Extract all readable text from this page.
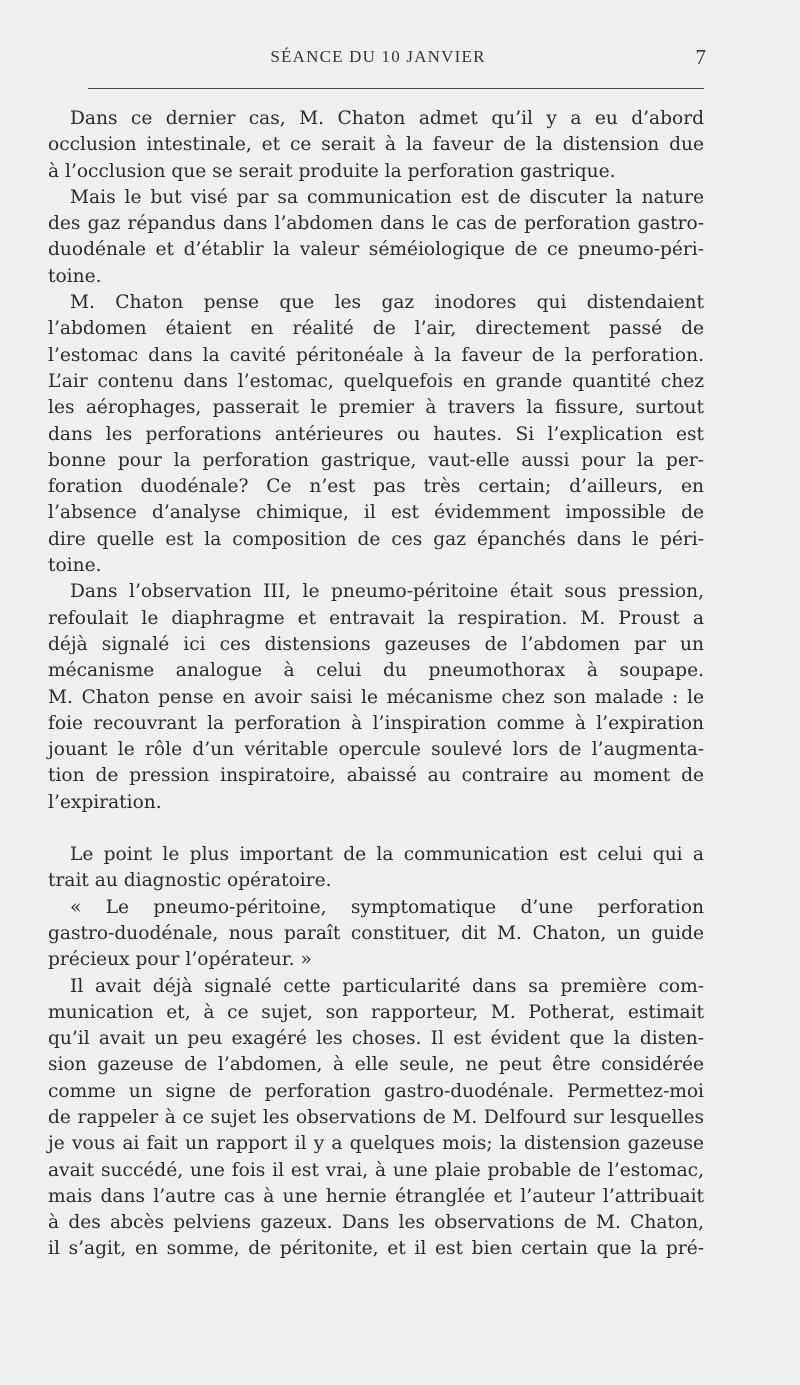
SÉANCE DU 10 JANVIER	7
Dans ce dernier cas, M. Chaton admet qu’il y a eu d’abord
occlusion intestinale, et ce serait à la faveur de la distension due
à l’occlusion que se serait produite la perforation gastrique.
Mais le but visé par sa communication est de discuter la nature
des gaz répandus dans l’abdomen dans le cas de perforation gastro-
duodénale et d’établir la valeur séméiologique de ce pneumo-péri-
toine.
M. Chaton pense que les gaz inodores qui distendaient
l’abdomen étaient en réalité de l’air, directement passé de
l’estomac dans la cavité péritonéale à la faveur de la perforation.
L’air contenu dans l’estomac, quelquefois en grande quantité chez
les aérophages, passerait le premier à travers la fissure, surtout
dans les perforations antérieures ou hautes. Si l’explication est
bonne pour la perforation gastrique, vaut-elle aussi pour la per-
foration duodénale? Ce n’est pas très certain; d’ailleurs, en
l’absence d’analyse chimique, il est évidemment impossible de
dire quelle est la composition de ces gaz épanchés dans le péri-
toine.
Dans l’observation III, le pneumo-péritoine était sous pression,
refoulait le diaphragme et entravait la respiration. M. Proust a
déjà signalé ici ces distensions gazeuses de l’abdomen par un
mécanisme analogue à celui du pneumothorax à soupape.
M. Chaton pense en avoir saisi le mécanisme chez son malade : le
foie recouvrant la perforation à l’inspiration comme à l’expiration
jouant le rôle d’un véritable opercule soulevé lors de l’augmenta-
tion de pression inspiratoire, abaissé au contraire au moment de
l’expiration.
Le point le plus important de la communication est celui qui a
trait au diagnostic opératoire.
« Le pneumo-péritoine, symptomatique d’une perforation
gastro-duodénale, nous paraît constituer, dit M. Chaton, un guide
précieux pour l’opérateur. »
Il avait déjà signalé cette particularité dans sa première com-
munication et, à ce sujet, son rapporteur, M. Potherat, estimait
qu’il avait un peu exagéré les choses. Il est évident que la disten-
sion gazeuse de l’abdomen, à elle seule, ne peut être considérée
comme un signe de perforation gastro-duodénale. Permettez-moi
de rappeler à ce sujet les observations de M. Delfourd sur lesquelles
je vous ai fait un rapport il y a quelques mois; la distension gazeuse
avait succédé, une fois il est vrai, à une plaie probable de l’estomac,
mais dans l’autre cas à une hernie étranglée et l’auteur l’attribuait
à des abcès pelviens gazeux. Dans les observations de M. Chaton,
il s’agit, en somme, de péritonite, et il est bien certain que la pré-
